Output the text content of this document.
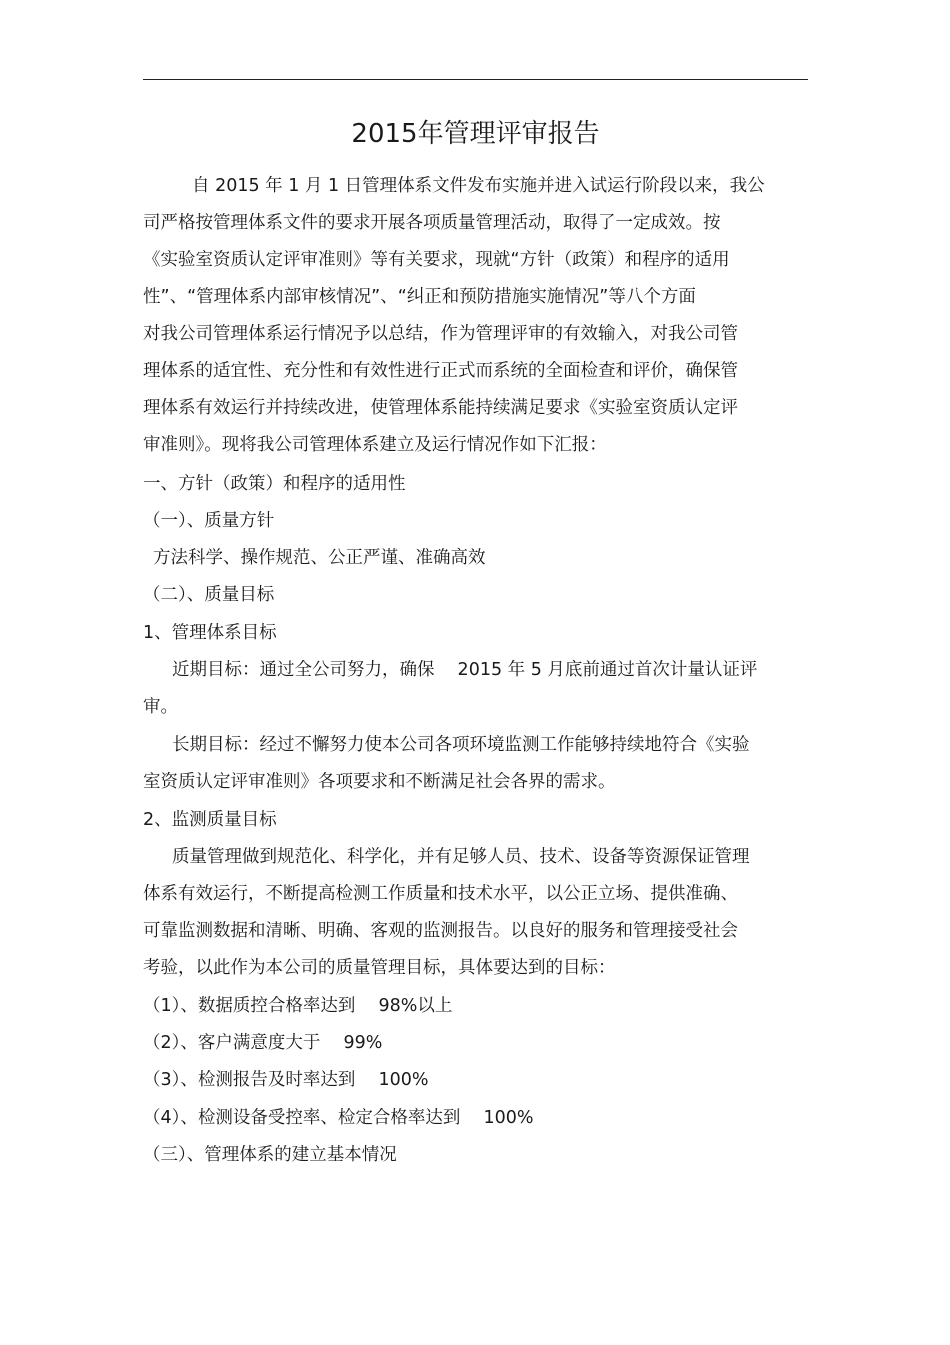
2015年管理评审报告

自 2015 年 1 月 1 日管理体系文件发布实施并进入试运行阶段以来，我公

司严格按管理体系文件的要求开展各项质量管理活动，取得了一定成效。按

《实验室资质认定评审准则》等有关要求，现就“方针（政策）和程序的适用

性”、“管理体系内部审核情况”、“纠正和预防措施实施情况”等八个方面

对我公司管理体系运行情况予以总结，作为管理评审的有效输入，对我公司管

理体系的适宜性、充分性和有效性进行正式而系统的全面检查和评价，确保管

理体系有效运行并持续改进，使管理体系能持续满足要求《实验室资质认定评

审准则》。现将我公司管理体系建立及运行情况作如下汇报：

一、方针（政策）和程序的适用性

（一）、质量方针

方法科学、操作规范、公正严谨、准确高效

（二）、质量目标

1、管理体系目标

近期目标：通过全公司努力，确保　 2015 年 5 月底前通过首次计量认证评

审。

长期目标：经过不懈努力使本公司各项环境监测工作能够持续地符合《实验

室资质认定评审准则》各项要求和不断满足社会各界的需求。

2、监测质量目标

质量管理做到规范化、科学化，并有足够人员、技术、设备等资源保证管理

体系有效运行，不断提高检测工作质量和技术水平，以公正立场、提供准确、

可靠监测数据和清晰、明确、客观的监测报告。以良好的服务和管理接受社会

考验，以此作为本公司的质量管理目标，具体要达到的目标：

（1）、数据质控合格率达到　 98%以上

（2）、客户满意度大于　 99%

（3）、检测报告及时率达到　 100%

（4）、检测设备受控率、检定合格率达到　 100%

（三）、管理体系的建立基本情况
